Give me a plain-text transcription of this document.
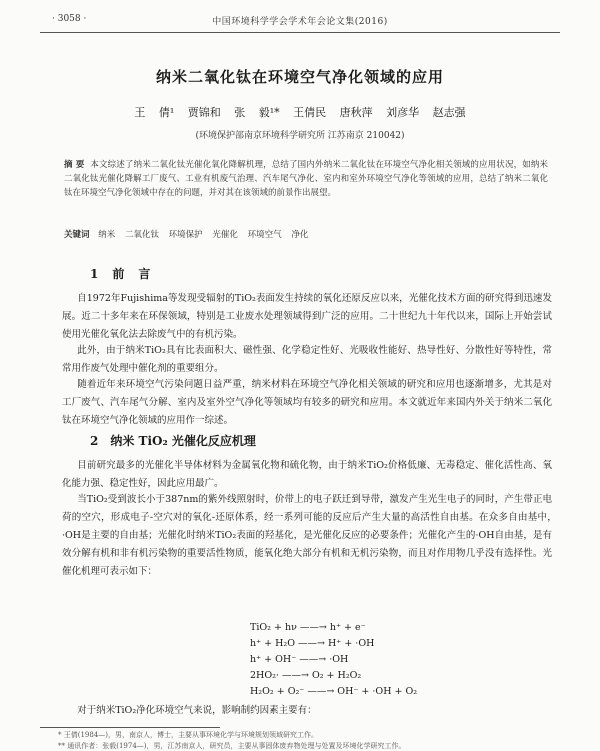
· 3058 ·	中国环境科学学会学术年会论文集(2016)
纳米二氧化钛在环境空气净化领域的应用
王 倩¹ 贾锦和 张 毅¹* 王倩民 唐秋萍 刘彦华 赵志强
(环境保护部南京环境科学研究所 江苏南京 210042)
摘 要 本文综述了纳米二氧化钛光催化氧化降解机理，总结了国内外纳米二氧化钛在环境空气净化相关领域的应用状况，如纳米二氧化钛光催化降解工厂废气、工业有机废气治理、汽车尾气净化、室内和室外环境空气净化等领域的应用，总结了纳米二氧化钛在环境空气净化领域中存在的问题，并对其在该领域的前景作出展望。
关键词 纳米 二氧化钛 环境保护 光催化 环境空气 净化
1　前　言
自1972年Fujishima等发现受辐射的TiO₂表面发生持续的氧化还原反应以来，光催化技术方面的研究得到迅速发展。近二十多年来在环保领域，特别是工业废水处理领域得到广泛的应用。二十世纪九十年代以来，国际上开始尝试使用光催化氧化法去除废气中的有机污染。
此外，由于纳米TiO₂具有比表面积大、磁性强、化学稳定性好、光吸收性能好、热导性好、分散性好等特性，常常用作废气处理中催化剂的重要组分。
随着近年来环境空气污染问题日益严重，纳米材料在环境空气净化相关领域的研究和应用也逐渐增多，尤其是对工厂废气、汽车尾气分解、室内及室外空气净化等领域均有较多的研究和应用。本文就近年来国内外关于纳米二氧化钛在环境空气净化领域的应用作一综述。
2　纳米 TiO₂ 光催化反应机理
目前研究最多的光催化半导体材料为金属氧化物和硫化物，由于纳米TiO₂价格低廉、无毒稳定、催化活性高、氧化能力强、稳定性好，因此应用最广。
当TiO₂受到波长小于387nm的紫外线照射时，价带上的电子跃迁到导带，激发产生光生电子的同时，产生带正电荷的空穴，形成电子-空穴对的氧化-还原体系，经一系列可能的反应后产生大量的高活性自由基。在众多自由基中，·OH是主要的自由基；光催化时纳米TiO₂表面的羟基化，是光催化反应的必要条件；光催化产生的·OH自由基，是有效分解有机和非有机污染物的重要活性物质，能氧化绝大部分有机和无机污染物，而且对作用物几乎没有选择性。光催化机理可表示如下：
TiO₂ + hν ——→ h⁺ + e⁻
h⁺ + H₂O ——→ H⁺ + ·OH
h⁺ + OH⁻ ——→ ·OH
2HO₂· ——→ O₂ + H₂O₂
H₂O₂ + O₂⁻ ——→ OH⁻ + ·OH + O₂
对于纳米TiO₂净化环境空气来说，影响制约因素主要有：
* 王倩(1984—)，男，南京人，博士，主要从事环境化学与环境规划领域研究工作。
** 通讯作者：张毅(1974—)，男，江苏南京人，研究员，主要从事固体废弃物处理与处置及环境化学研究工作。
